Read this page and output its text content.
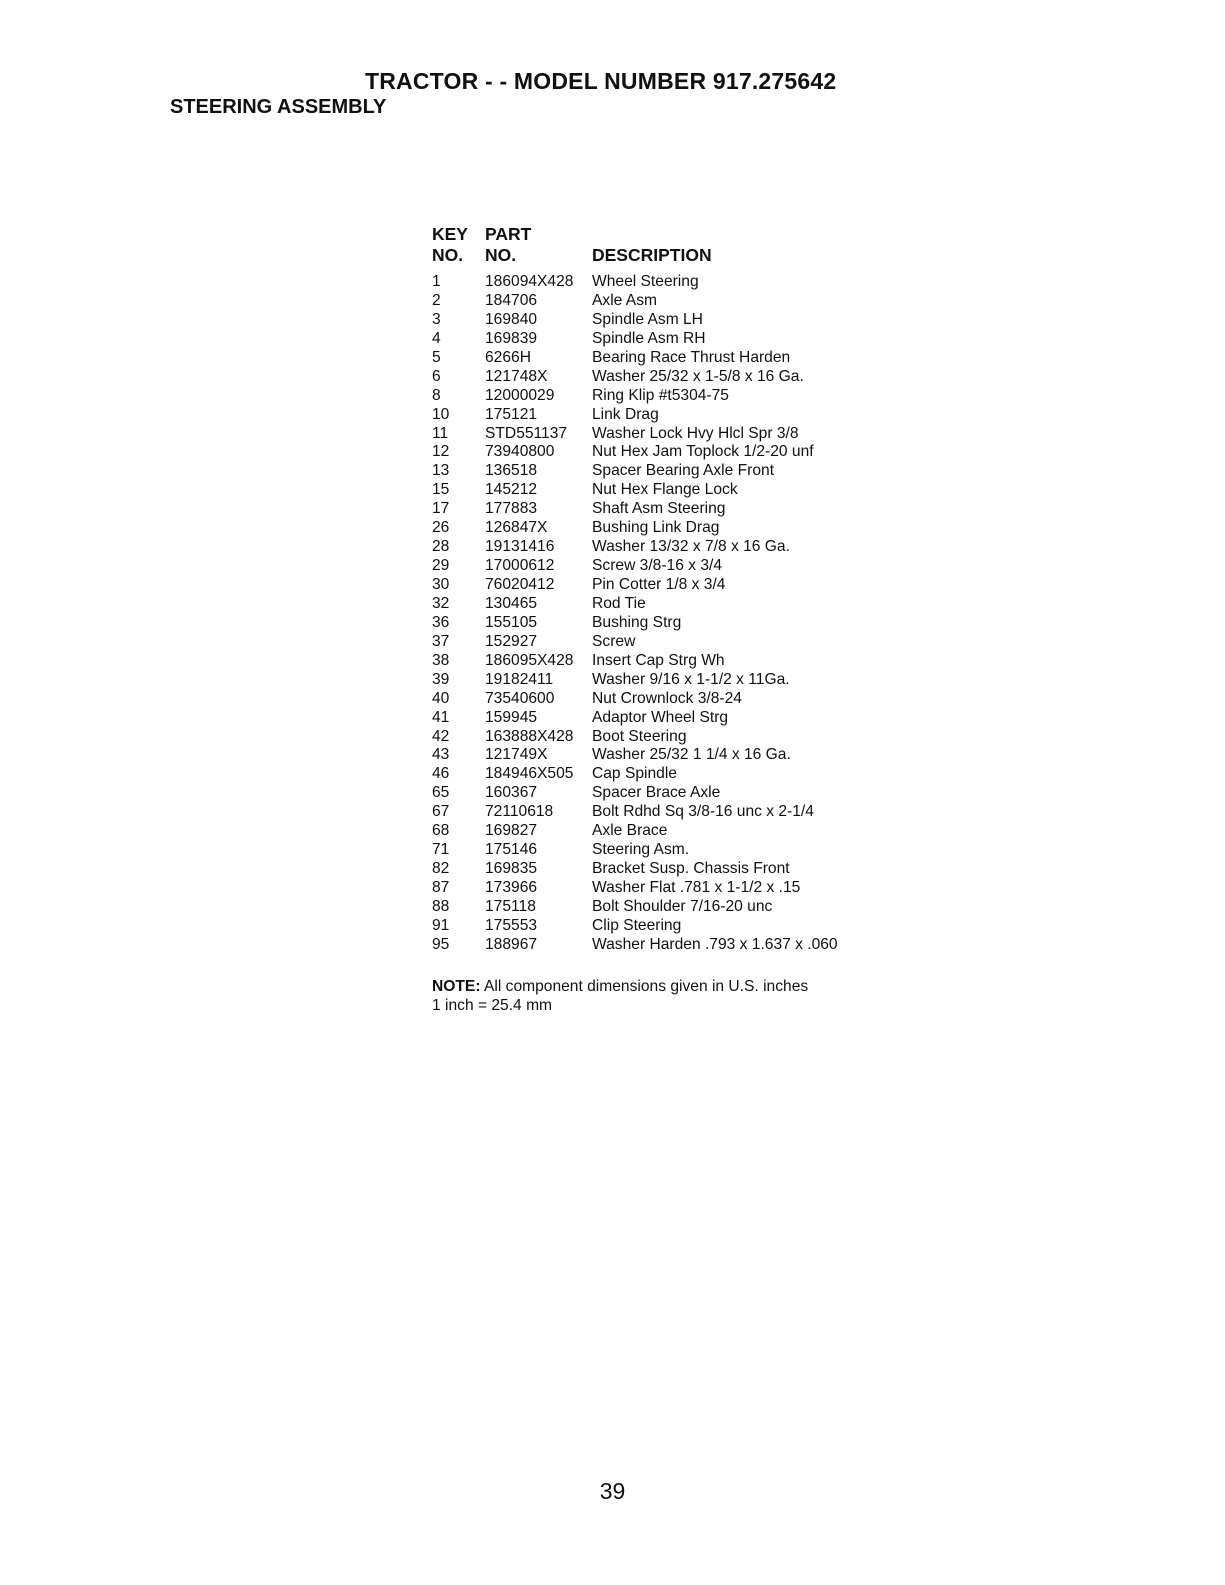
TRACTOR - - MODEL NUMBER 917.275642
STEERING ASSEMBLY
KEY PART
NO. NO.	DESCRIPTION
1	186094X428 Wheel Steering
2	184706	Axle Asm
3	169840	Spindle Asm LH
4	169839	Spindle Asm RH
5	6266H	Bearing Race Thrust Harden
6	121748X	Washer 25/32 x 1-5/8 x 16 Ga.
8	12000029 Ring Klip #t5304-75
10 175121	Link Drag
11 STD551137 Washer Lock Hvy Hlcl Spr 3/8
12 73940800 Nut Hex Jam Toplock 1/2-20 unf
13 136518	Spacer Bearing Axle Front
15 145212	Nut Hex Flange Lock
17 177883	Shaft Asm Steering
26 126847X	Bushing Link Drag
28 19131416 Washer 13/32 x 7/8 x 16 Ga.
29 17000612 Screw 3/8-16 x 3/4
30 76020412 Pin Cotter 1/8 x 3/4
32 130465	Rod Tie
36 155105	Bushing Strg
37 152927	Screw
38 186095X428 Insert Cap Strg Wh
39 19182411 Washer 9/16 x 1-1/2 x 11Ga.
40 73540600 Nut Crownlock 3/8-24
41 159945	Adaptor Wheel Strg
42 163888X428 Boot Steering
43 121749X	Washer 25/32 1 1/4 x 16 Ga.
46 184946X505 Cap Spindle
65 160367	Spacer Brace Axle
67 72110618 Bolt Rdhd Sq 3/8-16 unc x 2-1/4
68 169827	Axle Brace
71 175146	Steering Asm.
82 169835	Bracket Susp. Chassis Front
87 173966	Washer Flat .781 x 1-1/2 x .15
88 175118	Bolt Shoulder 7/16-20 unc
91 175553	Clip Steering
95 188967	Washer Harden .793 x 1.637 x .060
NOTE: All component dimensions given in U.S. inches
1 inch = 25.4 mm
39
